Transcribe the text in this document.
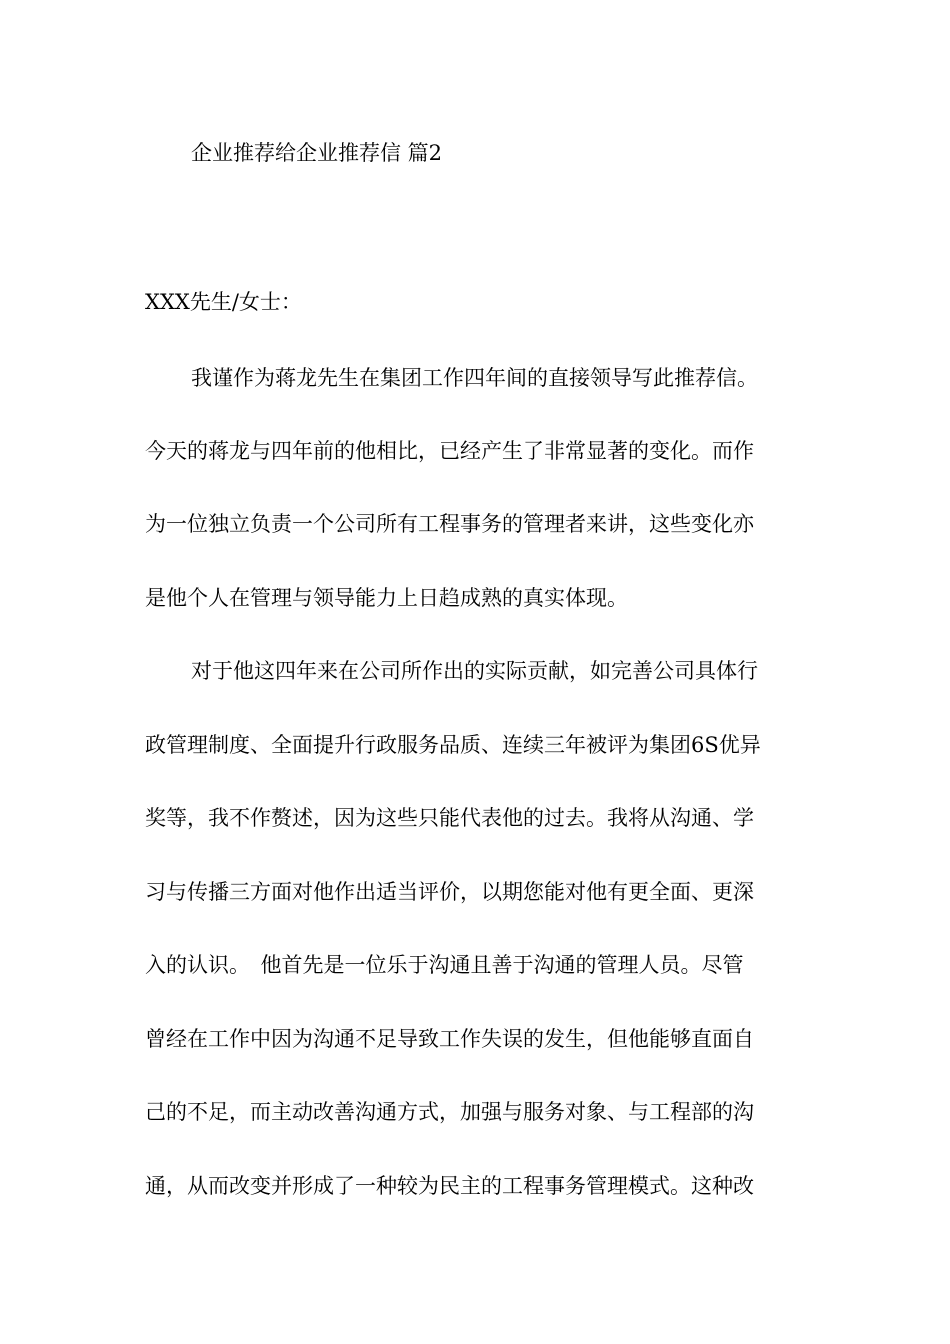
企业推荐给企业推荐信 篇2
XXX先生/女士：
我谨作为蒋龙先生在集团工作四年间的直接领导写此推荐信。
今天的蒋龙与四年前的他相比，已经产生了非常显著的变化。而作
为一位独立负责一个公司所有工程事务的管理者来讲，这些变化亦
是他个人在管理与领导能力上日趋成熟的真实体现。
对于他这四年来在公司所作出的实际贡献，如完善公司具体行
政管理制度、全面提升行政服务品质、连续三年被评为集团6S优异
奖等，我不作赘述，因为这些只能代表他的过去。我将从沟通、学
习与传播三方面对他作出适当评价，以期您能对他有更全面、更深
入的认识。　他首先是一位乐于沟通且善于沟通的管理人员。尽管
曾经在工作中因为沟通不足导致工作失误的发生，但他能够直面自
己的不足，而主动改善沟通方式，加强与服务对象、与工程部的沟
通，从而改变并形成了一种较为民主的工程事务管理模式。这种改
